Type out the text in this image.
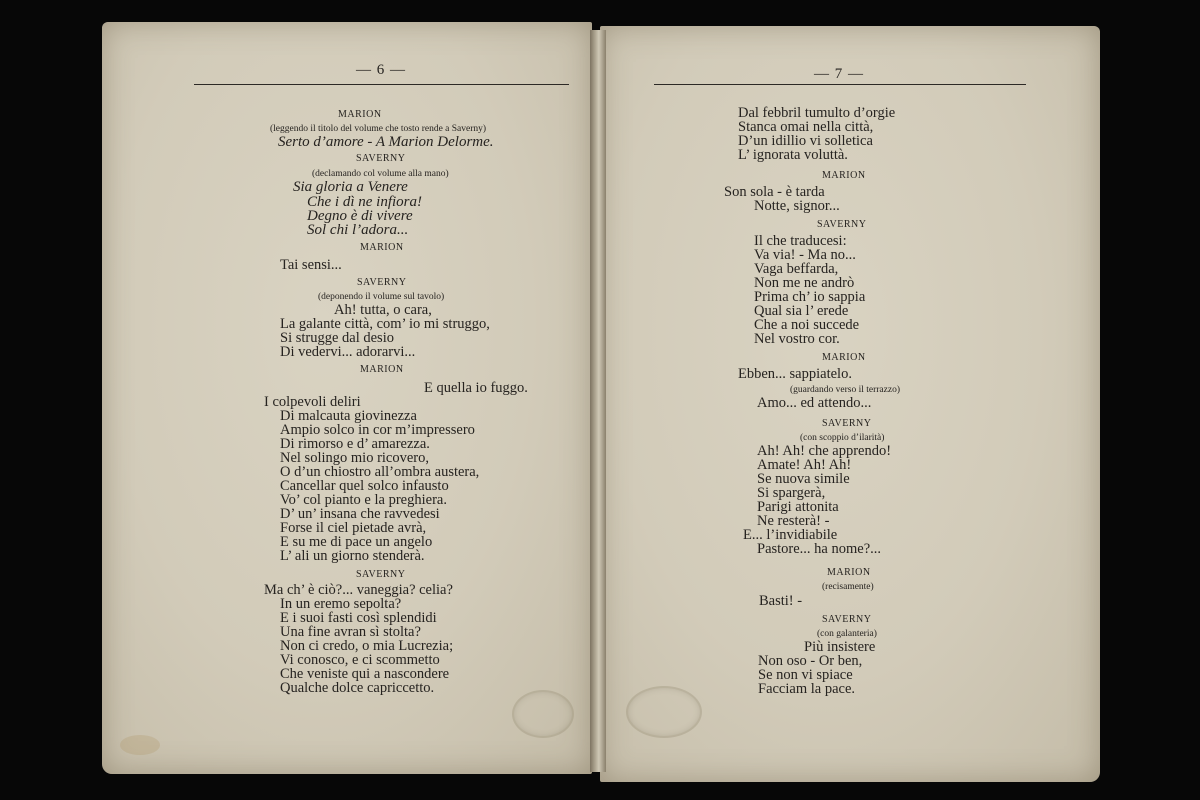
— 6 —	— 7 —
MARION
(leggendo il titolo del volume che tosto rende a Saverny)
Serto d’amore - A Marion Delorme.
SAVERNY
(declamando col volume alla mano)
Sia gloria a Venere
Che i dì ne infiora!
Degno è di vivere
Sol chi l’adora...
MARION
Tai sensi...
SAVERNY
(deponendo il volume sul tavolo)
Ah! tutta, o cara,
La galante città, com’ io mi struggo,
Si strugge dal desio
Di vedervi... adorarvi...
MARION
E quella io fuggo.
I colpevoli deliri
Di malcauta giovinezza
Ampio solco in cor m’impressero
Di rimorso e d’ amarezza.
Nel solingo mio ricovero,
O d’un chiostro all’ombra austera,
Cancellar quel solco infausto
Vo’ col pianto e la preghiera.
D’ un’ insana che ravvedesi
Forse il ciel pietade avrà,
E su me di pace un angelo
L’ ali un giorno stenderà.
SAVERNY
Ma ch’ è ciò?... vaneggia? celia?
In un eremo sepolta?
E i suoi fasti così splendidi
Una fine avran sì stolta?
Non ci credo, o mia Lucrezia;
Vi conosco, e ci scommetto
Che veniste qui a nascondere
Qualche dolce capriccetto.
Dal febbril tumulto d’orgie
Stanca omai nella città,
D’un idillio vi solletica
L’ ignorata voluttà.
MARION
Son sola - è tarda
Notte, signor...
SAVERNY
Il che traducesi:
Va via! - Ma no...
Vaga beffarda,
Non me ne andrò
Prima ch’ io sappia
Qual sia l’ erede
Che a noi succede
Nel vostro cor.
MARION
Ebben... sappiatelo.
(guardando verso il terrazzo)
Amo... ed attendo...
SAVERNY
(con scoppio d’ilarità)
Ah! Ah! che apprendo!
Amate! Ah! Ah!
Se nuova simile
Si spargerà,
Parigi attonita
Ne resterà! -
E... l’invidiabile
Pastore... ha nome?...
MARION
(recisamente)
Basti! -
SAVERNY
(con galanteria)
Più insistere
Non oso - Or ben,
Se non vi spiace
Facciam la pace.
